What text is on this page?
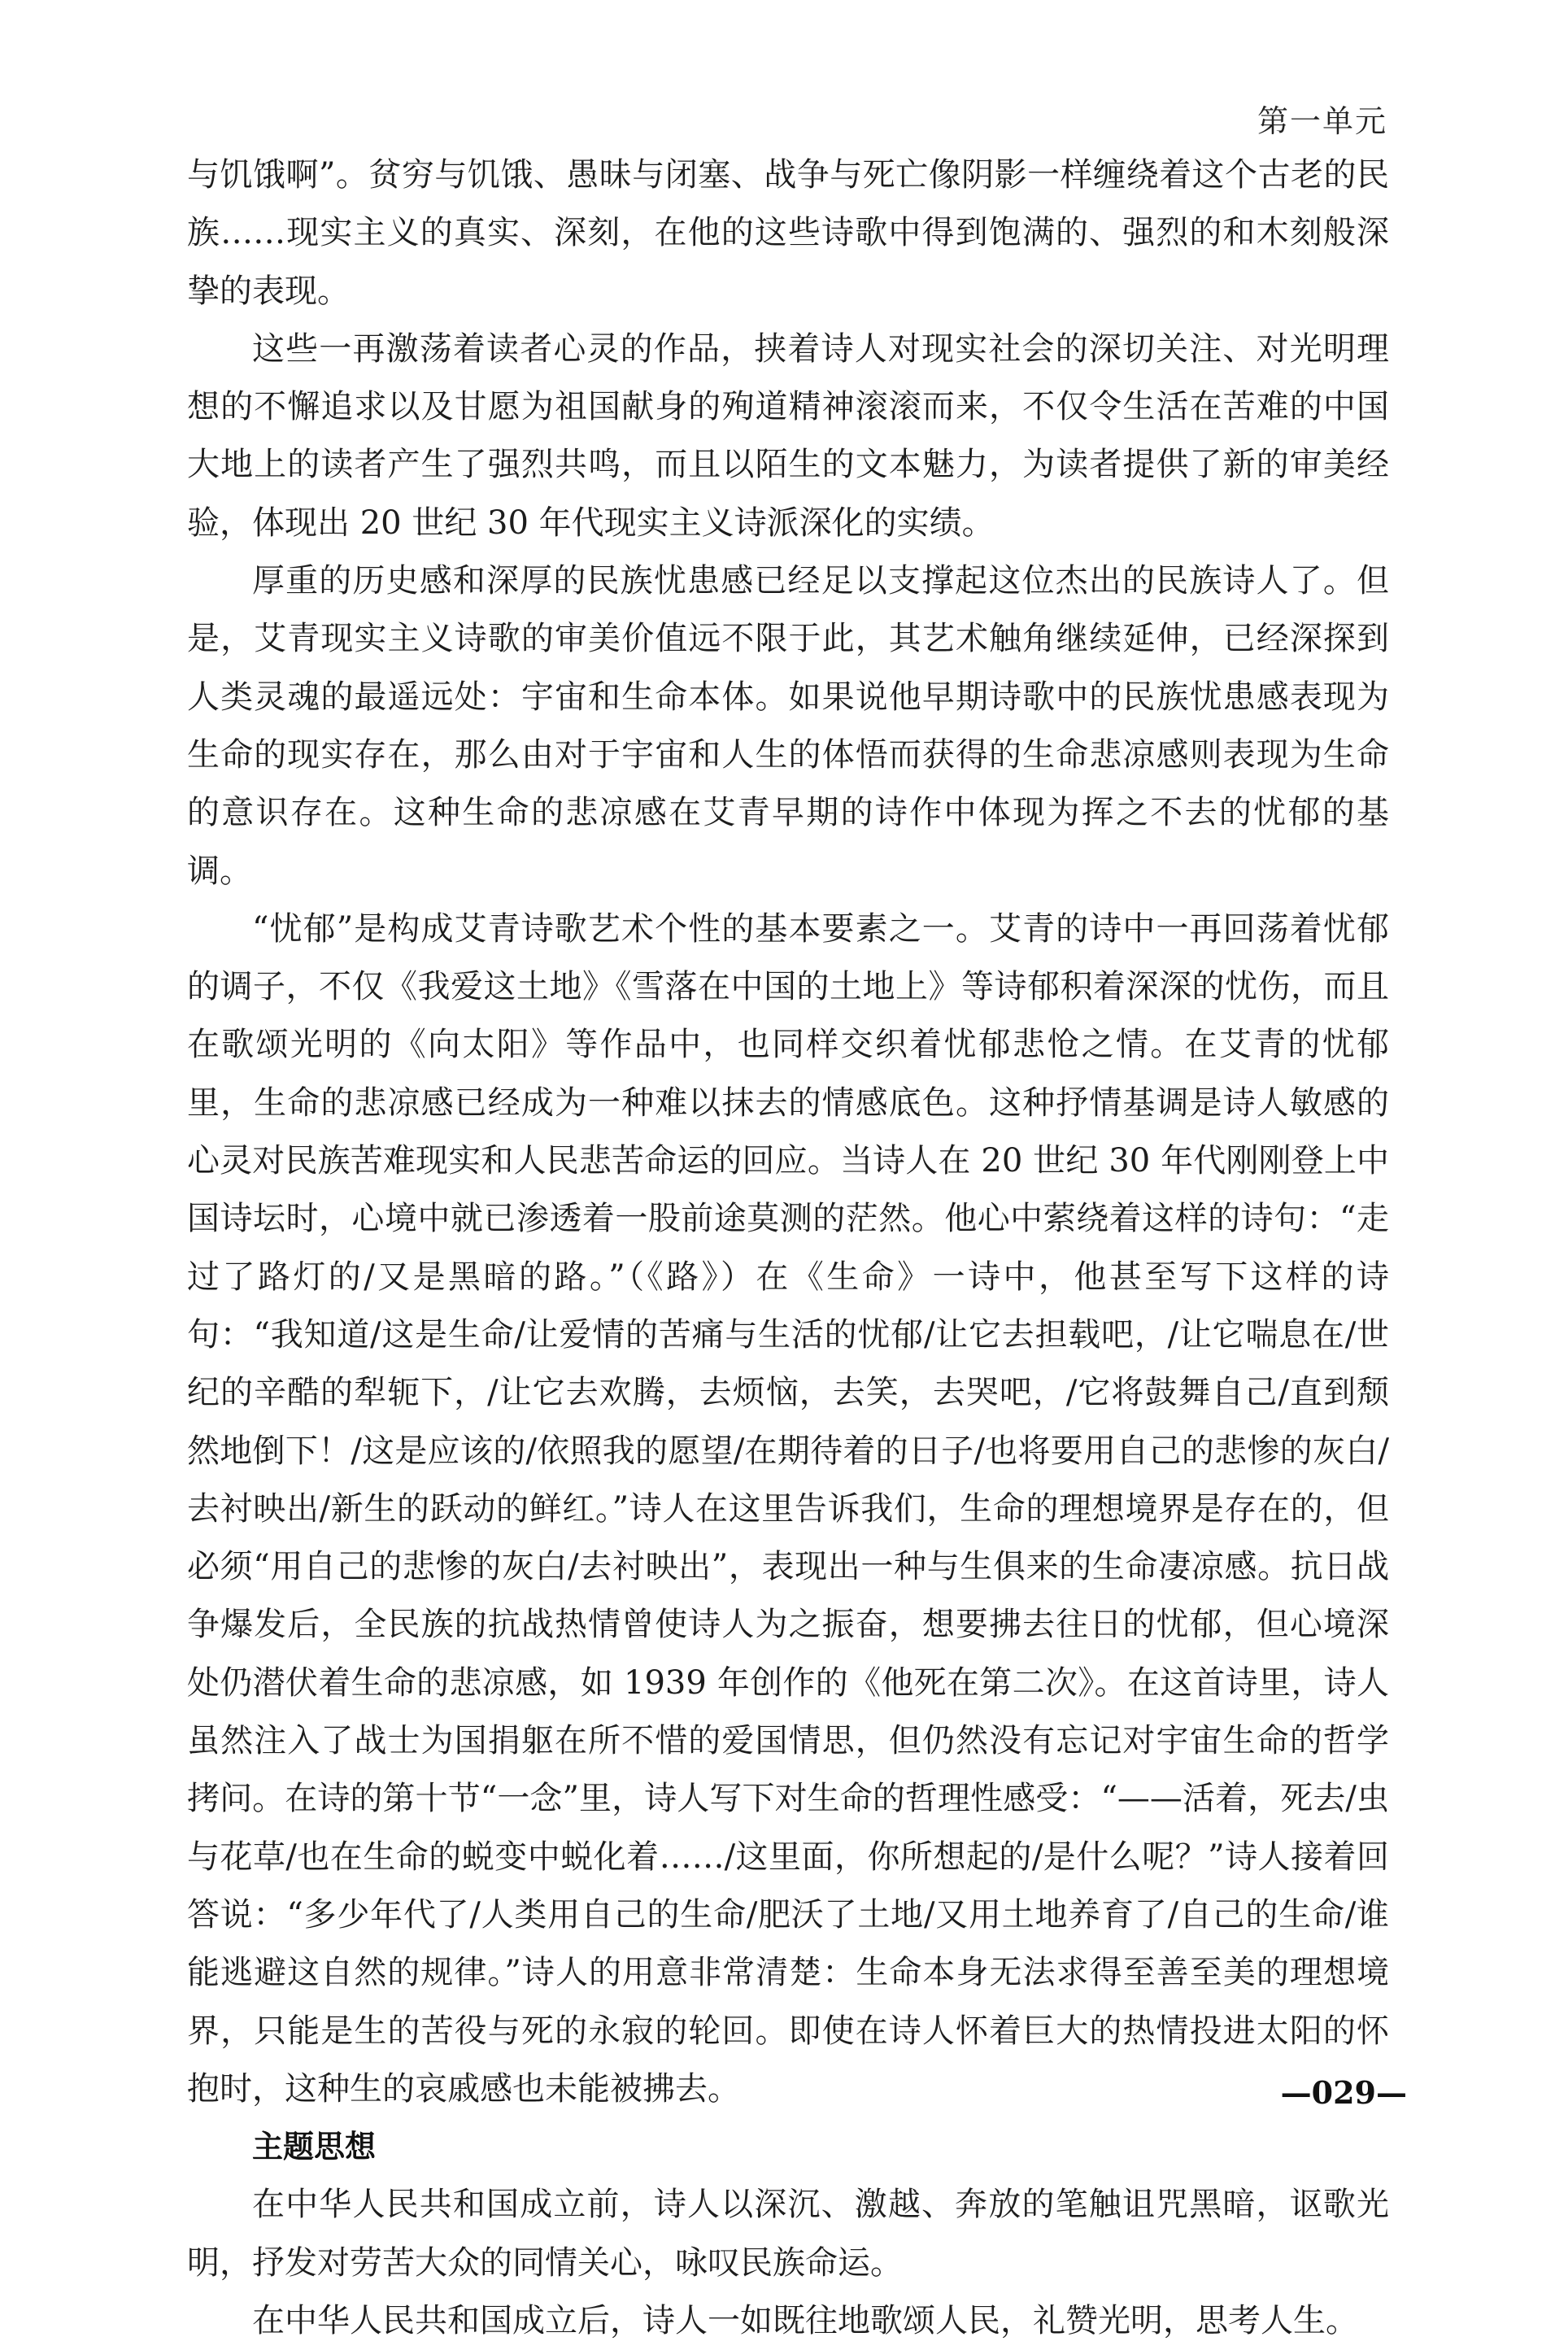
第一单元

与饥饿啊”。贫穷与饥饿、愚昧与闭塞、战争与死亡像阴影一样缠绕着这个古老的民族……现实主义的真实、深刻，在他的这些诗歌中得到饱满的、强烈的和木刻般深挚的表现。

这些一再激荡着读者心灵的作品，挟着诗人对现实社会的深切关注、对光明理想的不懈追求以及甘愿为祖国献身的殉道精神滚滚而来，不仅令生活在苦难的中国大地上的读者产生了强烈共鸣，而且以陌生的文本魅力，为读者提供了新的审美经验，体现出 20 世纪 30 年代现实主义诗派深化的实绩。

厚重的历史感和深厚的民族忧患感已经足以支撑起这位杰出的民族诗人了。但是，艾青现实主义诗歌的审美价值远不限于此，其艺术触角继续延伸，已经深探到人类灵魂的最遥远处：宇宙和生命本体。如果说他早期诗歌中的民族忧患感表现为生命的现实存在，那么由对于宇宙和人生的体悟而获得的生命悲凉感则表现为生命的意识存在。这种生命的悲凉感在艾青早期的诗作中体现为挥之不去的忧郁的基调。

“忧郁”是构成艾青诗歌艺术个性的基本要素之一。艾青的诗中一再回荡着忧郁的调子，不仅《我爱这土地》《雪落在中国的土地上》等诗郁积着深深的忧伤，而且在歌颂光明的《向太阳》等作品中，也同样交织着忧郁悲怆之情。在艾青的忧郁里，生命的悲凉感已经成为一种难以抹去的情感底色。这种抒情基调是诗人敏感的心灵对民族苦难现实和人民悲苦命运的回应。当诗人在 20 世纪 30 年代刚刚登上中国诗坛时，心境中就已渗透着一股前途莫测的茫然。他心中萦绕着这样的诗句：“走过了路灯的/又是黑暗的路。”（《路》）在《生命》一诗中，他甚至写下这样的诗句：“我知道/这是生命/让爱情的苦痛与生活的忧郁/让它去担载吧，/让它喘息在/世纪的辛酷的犁轭下，/让它去欢腾，去烦恼，去笑，去哭吧，/它将鼓舞自己/直到颓然地倒下！/这是应该的/依照我的愿望/在期待着的日子/也将要用自己的悲惨的灰白/去衬映出/新生的跃动的鲜红。”诗人在这里告诉我们，生命的理想境界是存在的，但必须“用自己的悲惨的灰白/去衬映出”，表现出一种与生俱来的生命凄凉感。抗日战争爆发后，全民族的抗战热情曾使诗人为之振奋，想要拂去往日的忧郁，但心境深处仍潜伏着生命的悲凉感，如 1939 年创作的《他死在第二次》。在这首诗里，诗人虽然注入了战士为国捐躯在所不惜的爱国情思，但仍然没有忘记对宇宙生命的哲学拷问。在诗的第十节“一念”里，诗人写下对生命的哲理性感受：“——活着，死去/虫与花草/也在生命的蜕变中蜕化着……/这里面，你所想起的/是什么呢？”诗人接着回答说：“多少年代了/人类用自己的生命/肥沃了土地/又用土地养育了/自己的生命/谁能逃避这自然的规律。”诗人的用意非常清楚：生命本身无法求得至善至美的理想境界，只能是生的苦役与死的永寂的轮回。即使在诗人怀着巨大的热情投进太阳的怀抱时，这种生的哀戚感也未能被拂去。

主题思想

在中华人民共和国成立前，诗人以深沉、激越、奔放的笔触诅咒黑暗，讴歌光明，抒发对劳苦大众的同情关心，咏叹民族命运。

在中华人民共和国成立后，诗人一如既往地歌颂人民，礼赞光明，思考人生。

—029—
